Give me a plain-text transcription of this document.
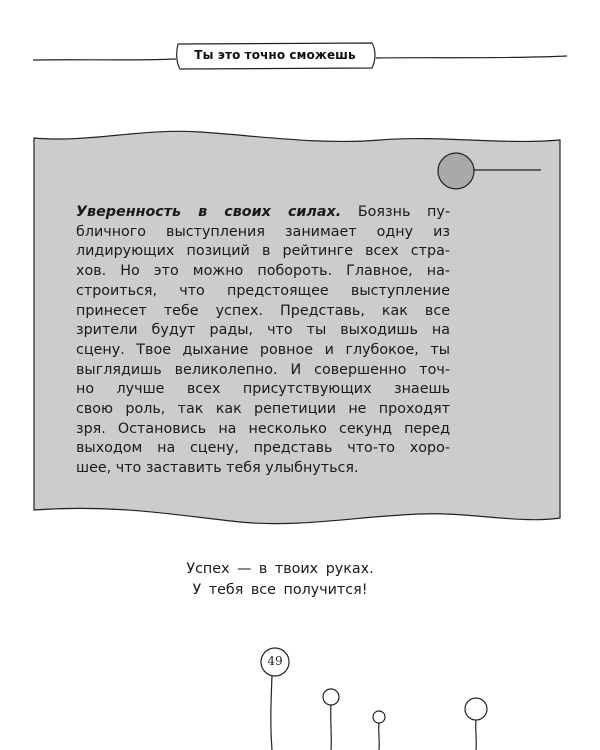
Ты это точно сможешь
Уверенность в своих силах. Боязнь пу-
бличного выступления занимает одну из
лидирующих позиций в рейтинге всех стра-
хов. Но это можно побороть. Главное, на-
строиться, что предстоящее выступление
принесет тебе успех. Представь, как все
зрители будут рады, что ты выходишь на
сцену. Твое дыхание ровное и глубокое, ты
выглядишь великолепно. И совершенно точ-
но лучше всех присутствующих знаешь
свою роль, так как репетиции не проходят
зря. Остановись на несколько секунд перед
выходом на сцену, представь что-то хоро-
шее, что заставить тебя улыбнуться.
Успех — в твоих руках.
У тебя все получится!
49
